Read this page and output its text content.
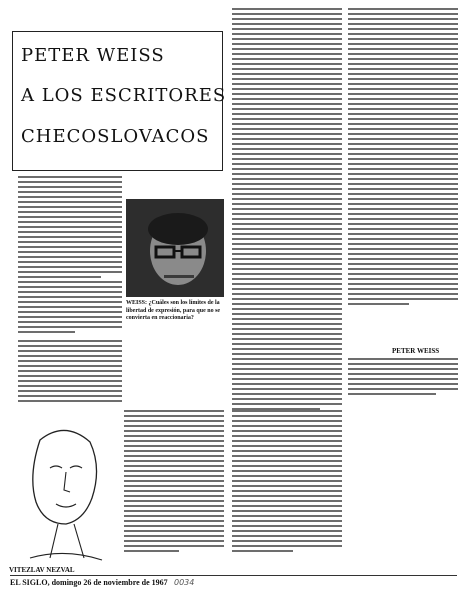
PETER WEISS
A LOS ESCRITORES
CHECOSLOVACOS
WEISS: ¿Cuáles son los límites de la libertad de expresión, para que no se convierta en reaccionaria?
VITEZLAV NEZVAL
PETER WEISS
EL SIGLO, domingo 26 de noviembre de 1967 0034
